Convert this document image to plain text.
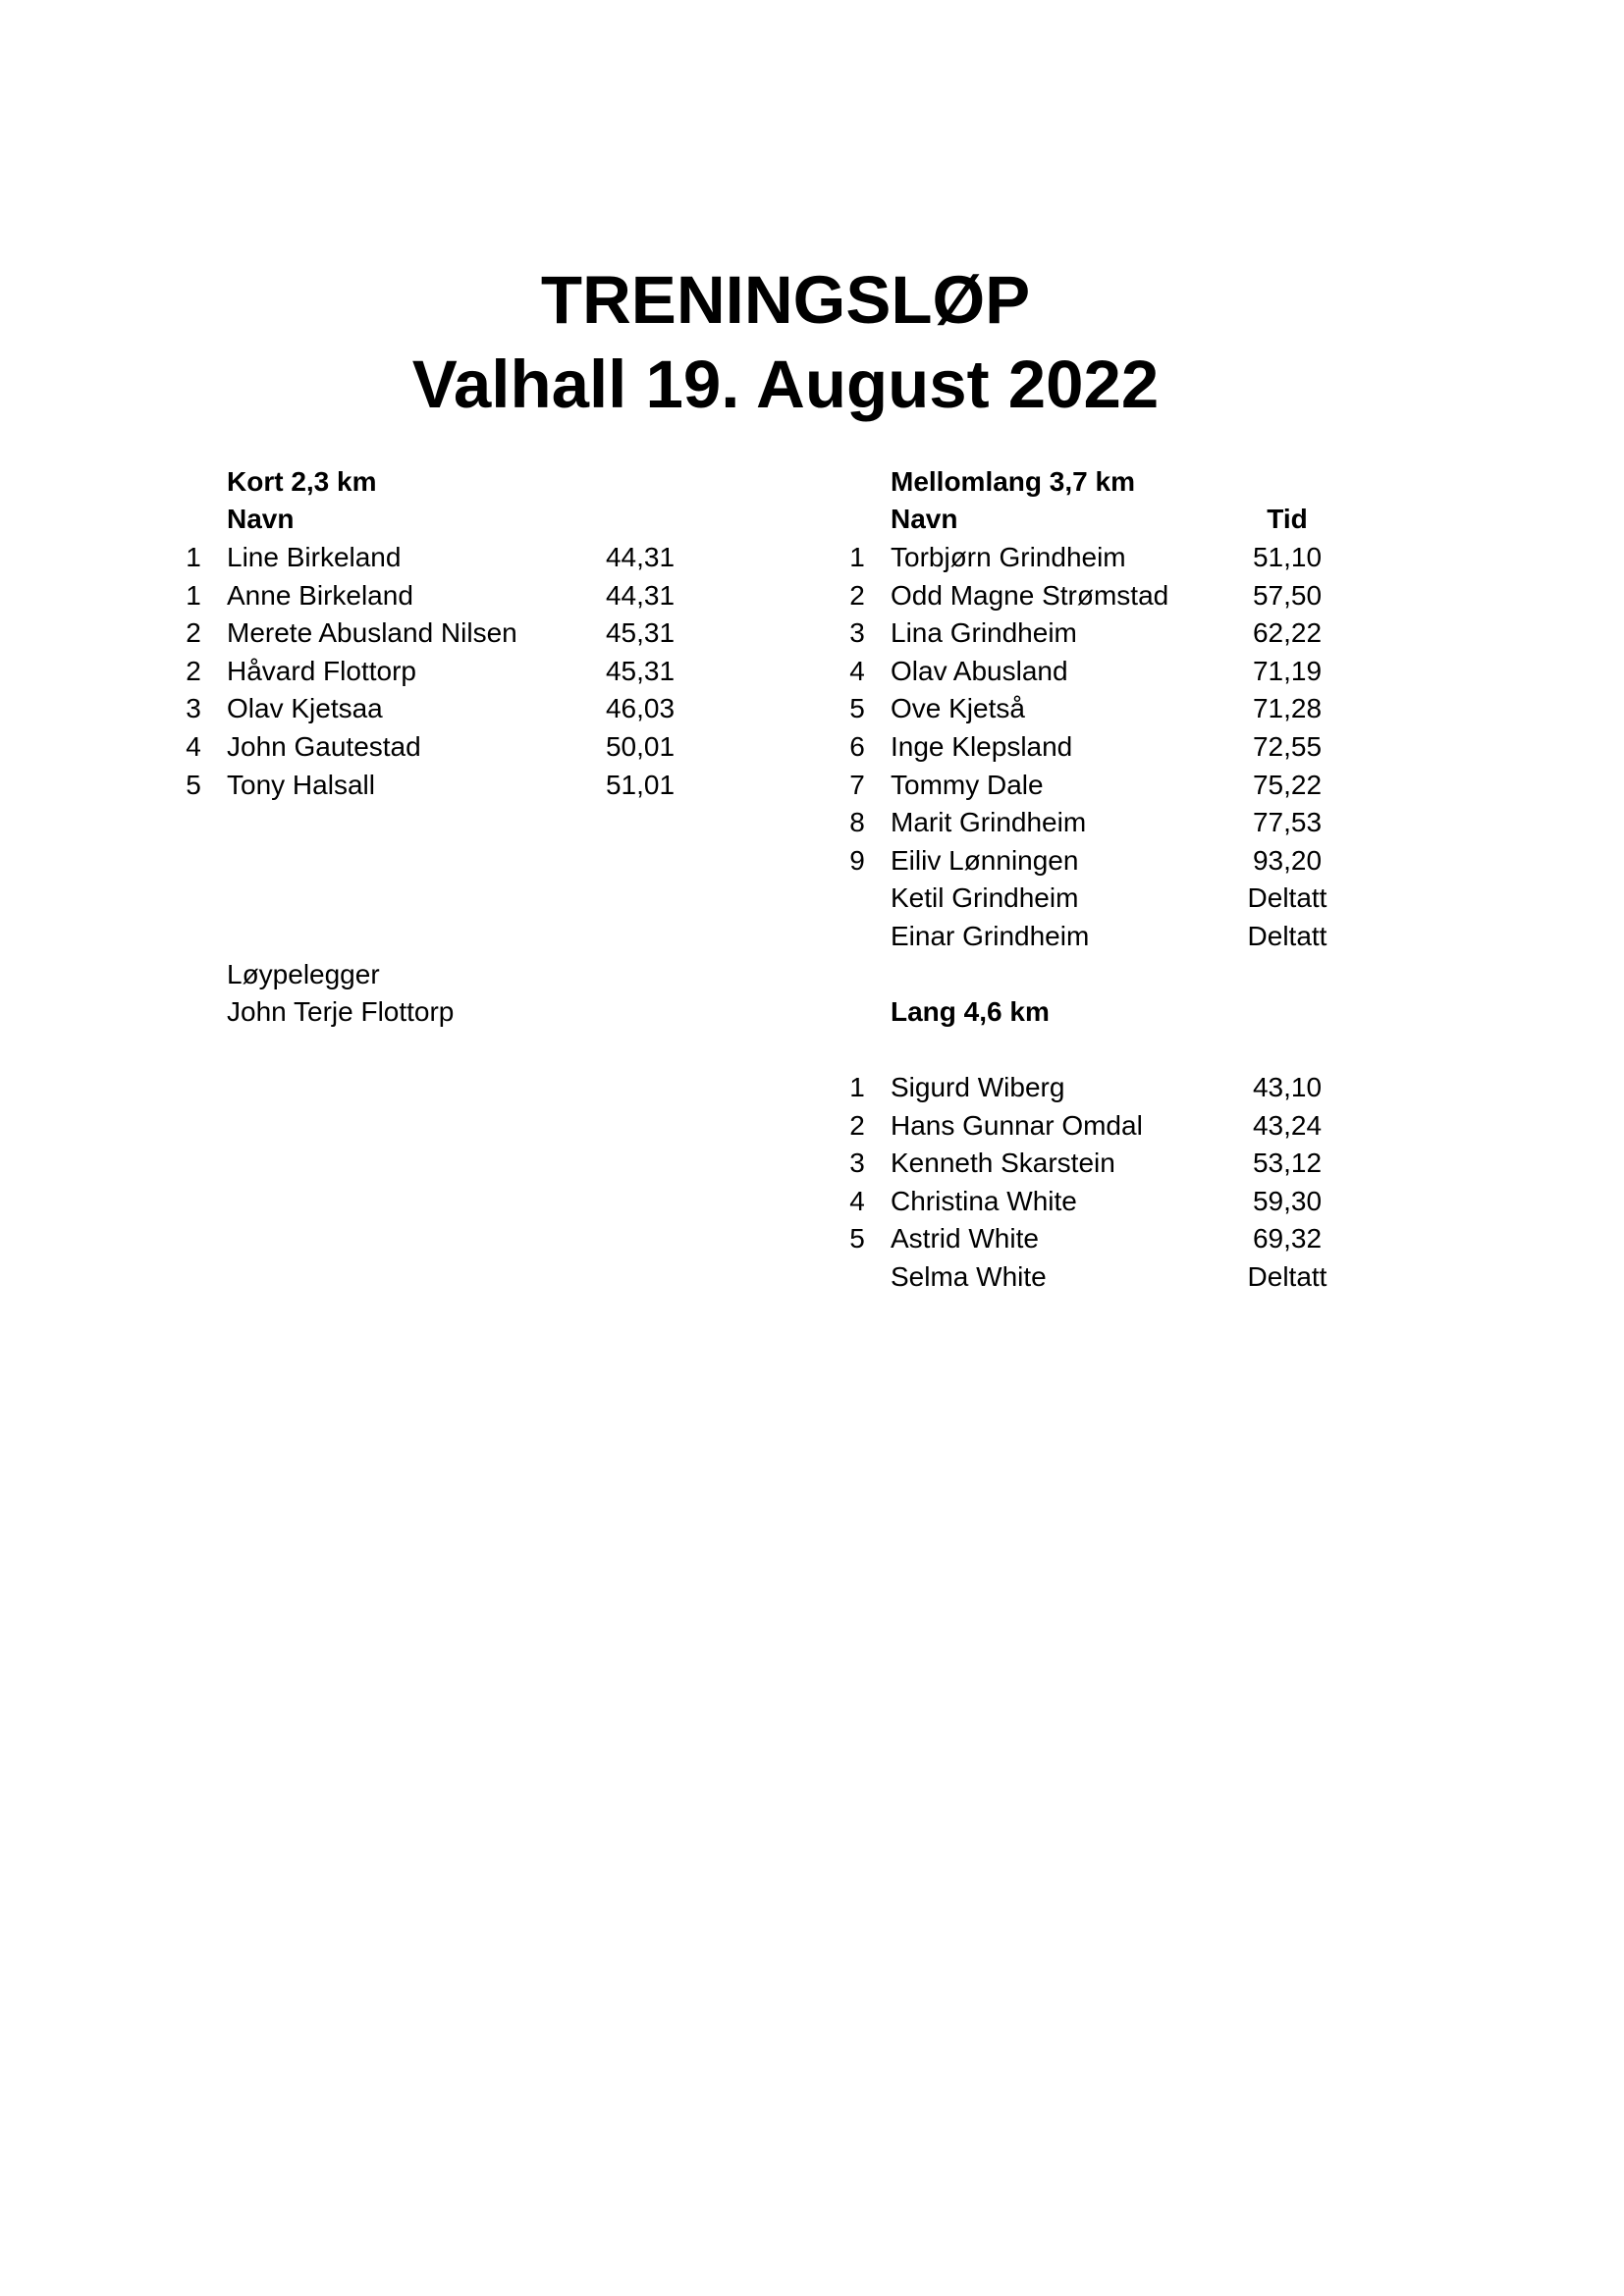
TRENINGSLØP
Valhall 19. August 2022
Kort 2,3 km
Navn
1 Line Birkeland	44,31
1 Anne Birkeland	44,31
2 Merete Abusland Nilsen	45,31
2 Håvard Flottorp	45,31
3 Olav Kjetsaa	46,03
4 John Gautestad	50,01
5 Tony Halsall	51,01
Løypelegger
John Terje Flottorp
Mellomlang 3,7 km
Navn	Tid
1 Torbjørn Grindheim	51,10
2 Odd Magne Strømstad	57,50
3 Lina Grindheim	62,22
4 Olav Abusland	71,19
5 Ove Kjetså	71,28
6 Inge Klepsland	72,55
7 Tommy Dale	75,22
8 Marit Grindheim	77,53
9 Eiliv Lønningen	93,20
Ketil Grindheim	Deltatt
Einar Grindheim	Deltatt
Lang 4,6 km
1 Sigurd Wiberg	43,10
2 Hans Gunnar Omdal	43,24
3 Kenneth Skarstein	53,12
4 Christina White	59,30
5 Astrid White	69,32
Selma White	Deltatt
